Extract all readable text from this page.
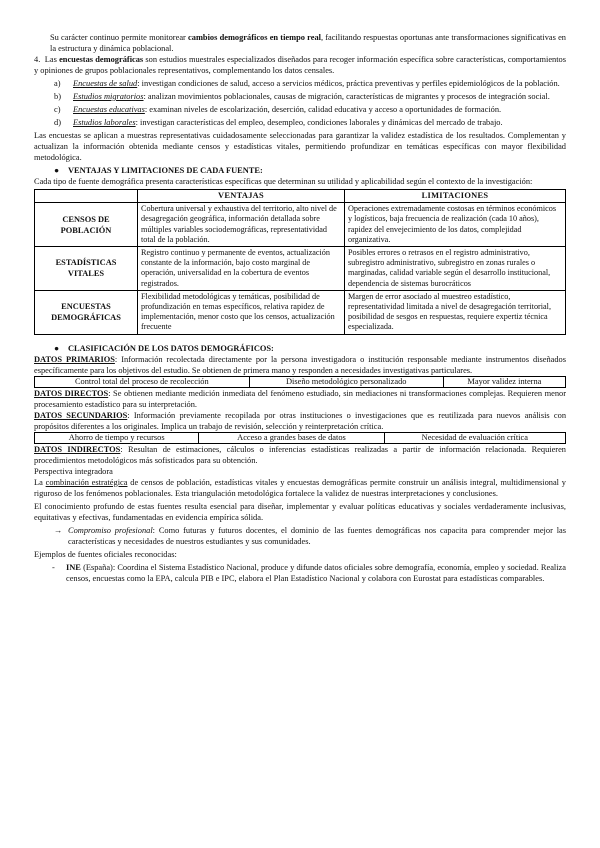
Su carácter continuo permite monitorear cambios demográficos en tiempo real, facilitando respuestas oportunas ante transformaciones significativas en la estructura y dinámica poblacional.

4. Las encuestas demográficas son estudios muestrales especializados diseñados para recoger información específica sobre características, comportamientos y opiniones de grupos poblacionales representativos, complementando los datos censales.

a)	Encuestas de salud: investigan condiciones de salud, acceso a servicios médicos, práctica preventivas y perfiles epidemiológicos de la población.
b)	Estudios migratorios: analizan movimientos poblacionales, causas de migración, características de migrantes y procesos de integración social.
c)	Encuestas educativas: examinan niveles de escolarización, deserción, calidad educativa y acceso a oportunidades de formación.
d)	Estudios laborales: investigan características del empleo, desempleo, condiciones laborales y dinámicas del mercado de trabajo.

Las encuestas se aplican a muestras representativas cuidadosamente seleccionadas para garantizar la validez estadística de los resultados. Complementan y actualizan la información obtenida mediante censos y estadísticas vitales, permitiendo profundizar en temáticas específicas con mayor flexibilidad metodológica.

●	VENTAJAS Y LIMITACIONES DE CADA FUENTE:

Cada tipo de fuente demográfica presenta características específicas que determinan su utilidad y aplicabilidad según el contexto de la investigación:

	VENTAJAS	LIMITACIONES
CENSOS DE POBLACIÓN	Cobertura universal y exhaustiva del territorio, alto nivel de desagregación geográfica, información detallada sobre múltiples variables sociodemográficas, representatividad total de la población.	Operaciones extremadamente costosas en términos económicos y logísticos, baja frecuencia de realización (cada 10 años), rapidez del envejecimiento de los datos, complejidad organizativa.
ESTADÍSTICAS VITALES	Registro continuo y permanente de eventos, actualización constante de la información, bajo costo marginal de operación, universalidad en la cobertura de eventos registrados.	Posibles errores o retrasos en el registro administrativo, subregistro administrativo, subregistro en zonas rurales o marginadas, calidad variable según el desarrollo institucional, dependencia de sistemas burocráticos
ENCUESTAS DEMOGRÁFICAS	Flexibilidad metodológicas y temáticas, posibilidad de profundización en temas específicos, relativa rapidez de implementación, menor costo que los censos, actualización frecuente	Margen de error asociado al muestreo estadístico, representatividad limitada a nivel de desagregación territorial, posibilidad de sesgos en respuestas, requiere expertiz técnica especializada.
●	CLASIFICACIÓN DE LOS DATOS DEMOGRÁFICOS:

DATOS PRIMARIOS: Información recolectada directamente por la persona investigadora o institución responsable mediante instrumentos diseñados específicamente para los objetivos del estudio. Se obtienen de primera mano y responden a necesidades investigativas particulares.

Control total del proceso de recolección	Diseño metodológico personalizado	Mayor validez interna

DATOS DIRECTOS: Se obtienen mediante medición inmediata del fenómeno estudiado, sin mediaciones ni transformaciones complejas. Requieren menor procesamiento estadístico para su interpretación.

DATOS SECUNDARIOS: Información previamente recopilada por otras instituciones o investigaciones que es reutilizada para nuevos análisis con propósitos diferentes a los originales. Implica un trabajo de revisión, selección y reinterpretación crítica.

Ahorro de tiempo y recursos	Acceso a grandes bases de datos	Necesidad de evaluación crítica

DATOS INDIRECTOS: Resultan de estimaciones, cálculos o inferencias estadísticas realizadas a partir de información relacionada. Requieren procedimientos metodológicos más sofisticados para su obtención.

Perspectiva integradora

La combinación estratégica de censos de población, estadísticas vitales y encuestas demográficas permite construir un análisis integral, multidimensional y riguroso de los fenómenos poblacionales. Esta triangulación metodológica fortalece la validez de nuestras interpretaciones y conclusiones.

El conocimiento profundo de estas fuentes resulta esencial para diseñar, implementar y evaluar políticas educativas y sociales verdaderamente inclusivas, equitativas y efectivas, fundamentadas en evidencia empírica sólida.

→ Compromiso profesional: Como futuras y futuros docentes, el dominio de las fuentes demográficas nos capacita para comprender mejor las características y necesidades de nuestros estudiantes y sus comunidades.

Ejemplos de fuentes oficiales reconocidas:

-	INE (España): Coordina el Sistema Estadístico Nacional, produce y difunde datos oficiales sobre demografía, economía, empleo y sociedad. Realiza censos, encuestas como la EPA, calcula PIB e IPC, elabora el Plan Estadístico Nacional y colabora con Eurostat para estadísticas comparables.
